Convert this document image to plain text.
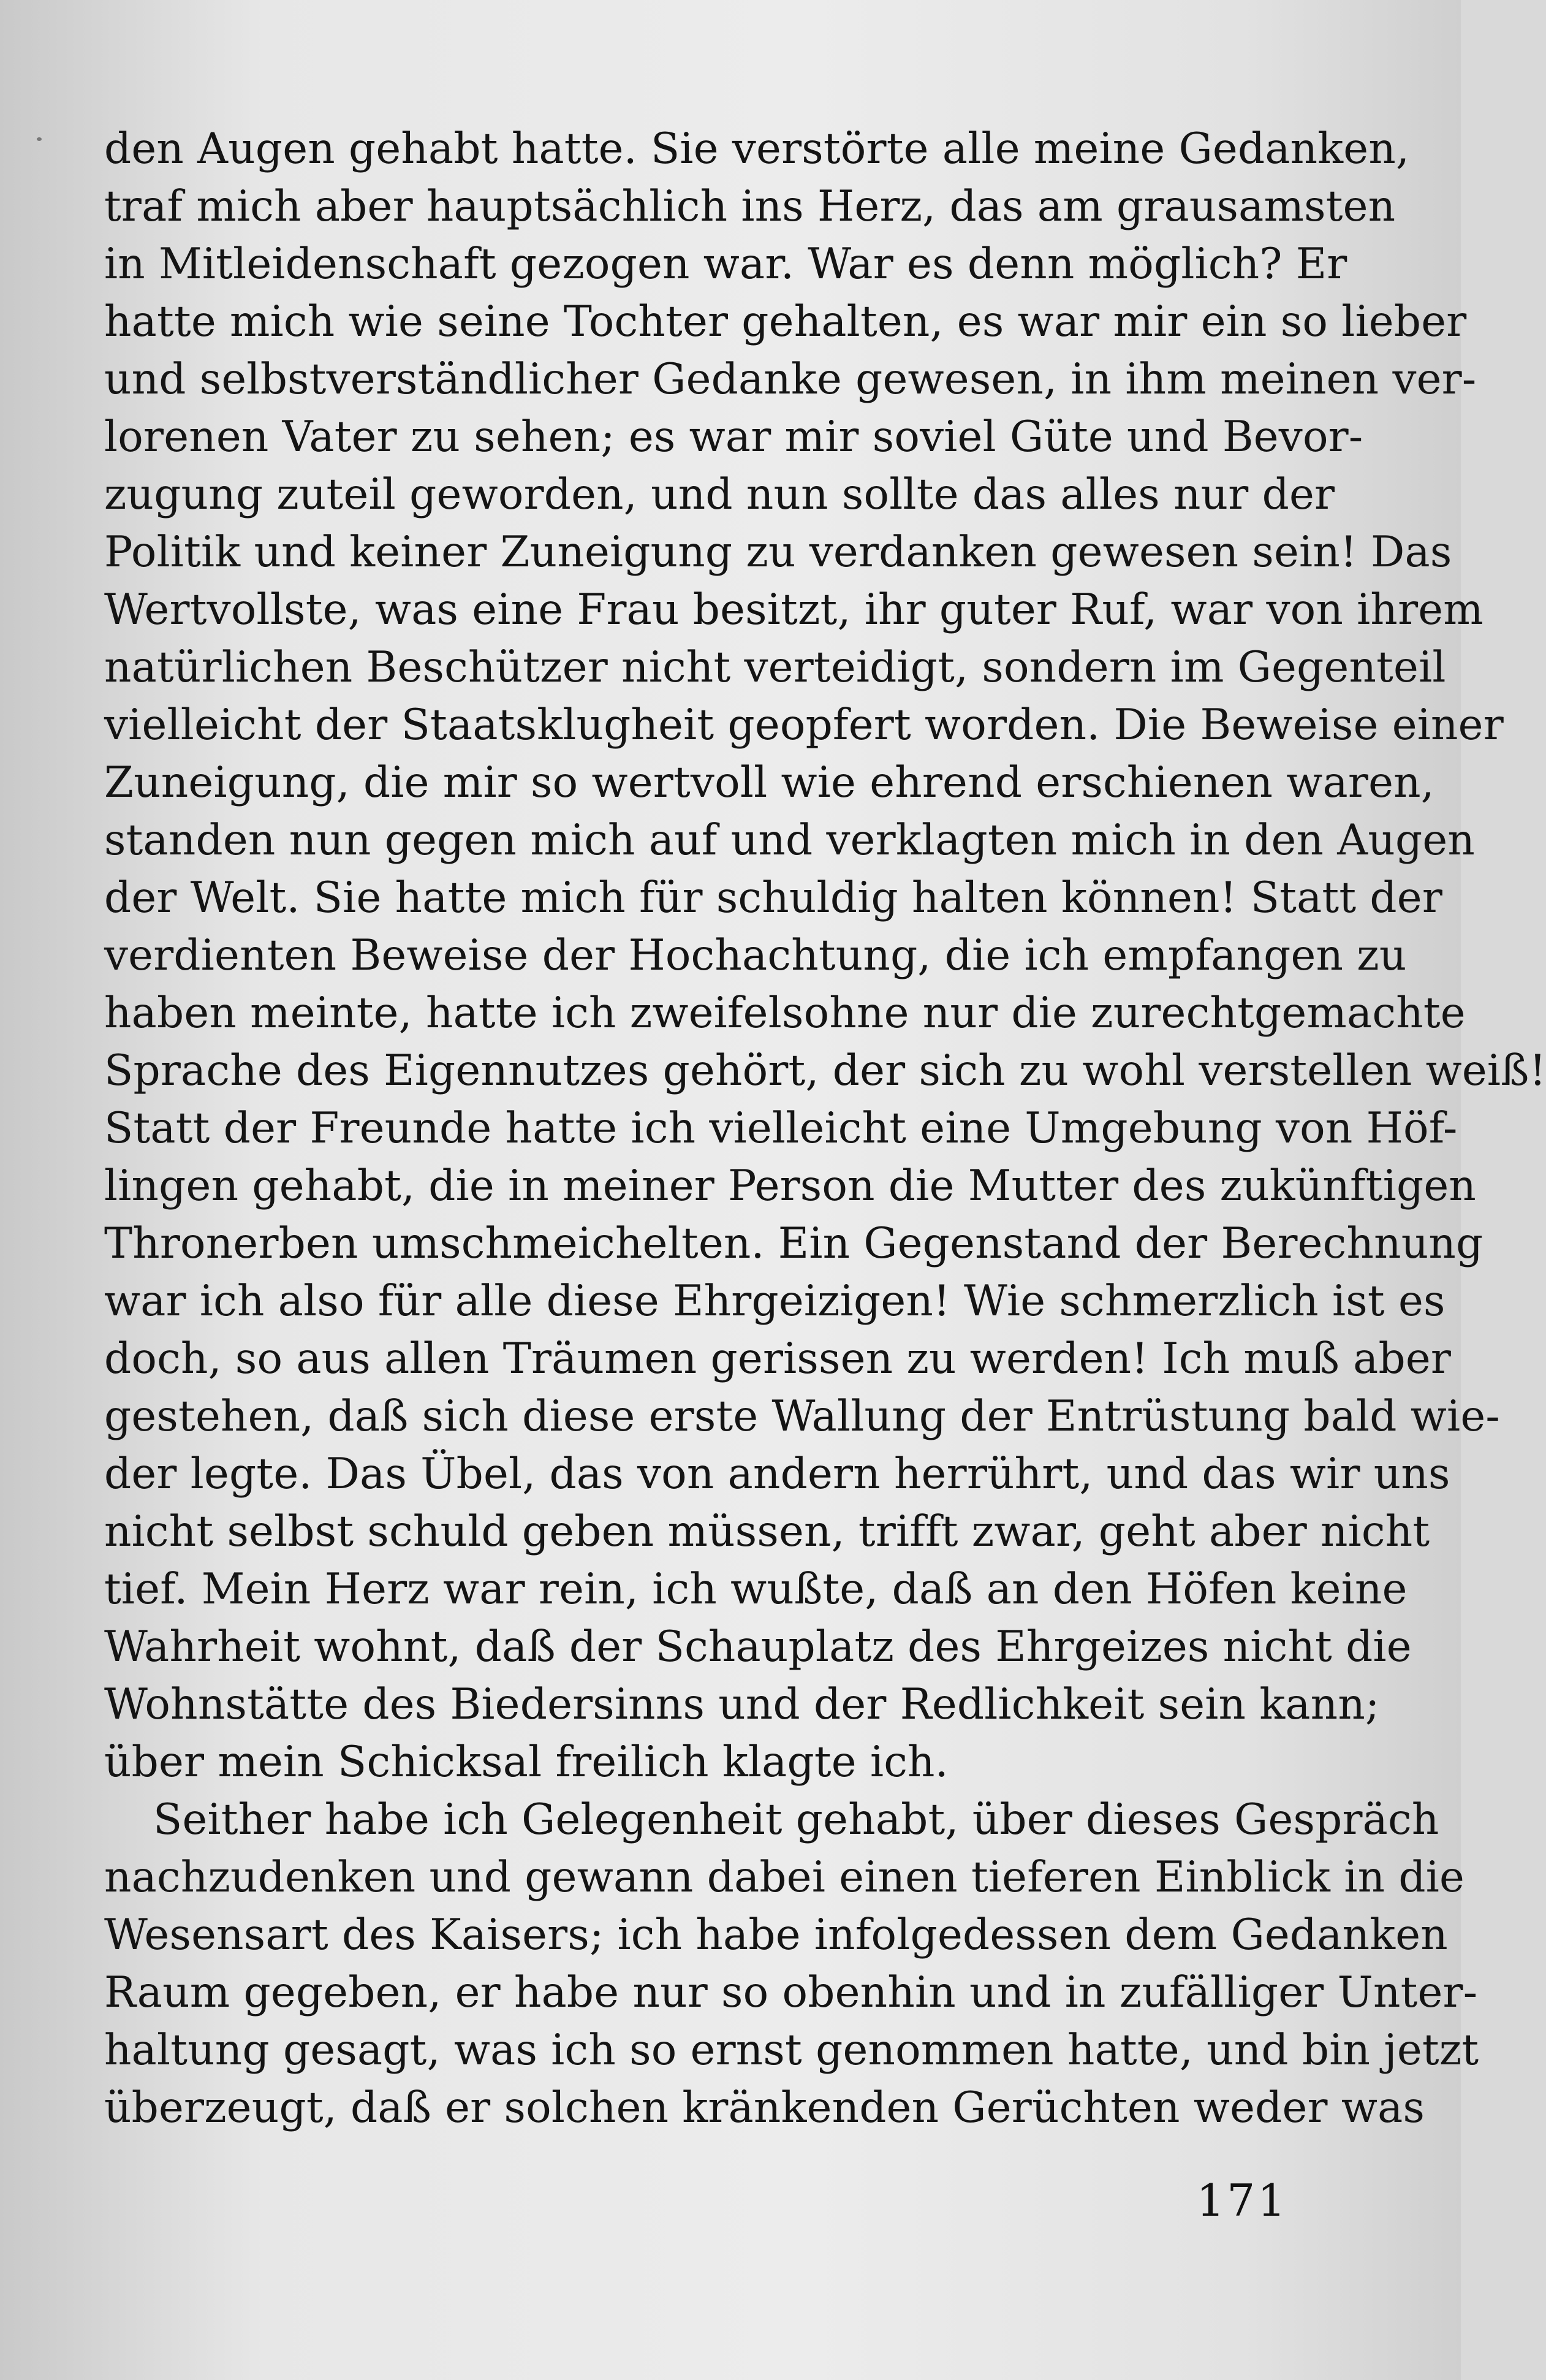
den Augen gehabt hatte. Sie verstörte alle meine Gedanken,
traf mich aber hauptsächlich ins Herz, das am grausamsten
in Mitleidenschaft gezogen war. War es denn möglich? Er
hatte mich wie seine Tochter gehalten, es war mir ein so lieber
und selbstverständlicher Gedanke gewesen, in ihm meinen ver-
lorenen Vater zu sehen; es war mir soviel Güte und Bevor-
zugung zuteil geworden, und nun sollte das alles nur der
Politik und keiner Zuneigung zu verdanken gewesen sein! Das
Wertvollste, was eine Frau besitzt, ihr guter Ruf, war von ihrem
natürlichen Beschützer nicht verteidigt, sondern im Gegenteil
vielleicht der Staatsklugheit geopfert worden. Die Beweise einer
Zuneigung, die mir so wertvoll wie ehrend erschienen waren,
standen nun gegen mich auf und verklagten mich in den Augen
der Welt. Sie hatte mich für schuldig halten können! Statt der
verdienten Beweise der Hochachtung, die ich empfangen zu
haben meinte, hatte ich zweifelsohne nur die zurechtgemachte
Sprache des Eigennutzes gehört, der sich zu wohl verstellen weiß!
Statt der Freunde hatte ich vielleicht eine Umgebung von Höf-
lingen gehabt, die in meiner Person die Mutter des zukünftigen
Thronerben umschmeichelten. Ein Gegenstand der Berechnung
war ich also für alle diese Ehrgeizigen! Wie schmerzlich ist es
doch, so aus allen Träumen gerissen zu werden! Ich muß aber
gestehen, daß sich diese erste Wallung der Entrüstung bald wie-
der legte. Das Übel, das von andern herrührt, und das wir uns
nicht selbst schuld geben müssen, trifft zwar, geht aber nicht
tief. Mein Herz war rein, ich wußte, daß an den Höfen keine
Wahrheit wohnt, daß der Schauplatz des Ehrgeizes nicht die
Wohnstätte des Biedersinns und der Redlichkeit sein kann;
über mein Schicksal freilich klagte ich.
Seither habe ich Gelegenheit gehabt, über dieses Gespräch
nachzudenken und gewann dabei einen tieferen Einblick in die
Wesensart des Kaisers; ich habe infolgedessen dem Gedanken
Raum gegeben, er habe nur so obenhin und in zufälliger Unter-
haltung gesagt, was ich so ernst genommen hatte, und bin jetzt
überzeugt, daß er solchen kränkenden Gerüchten weder was
171
